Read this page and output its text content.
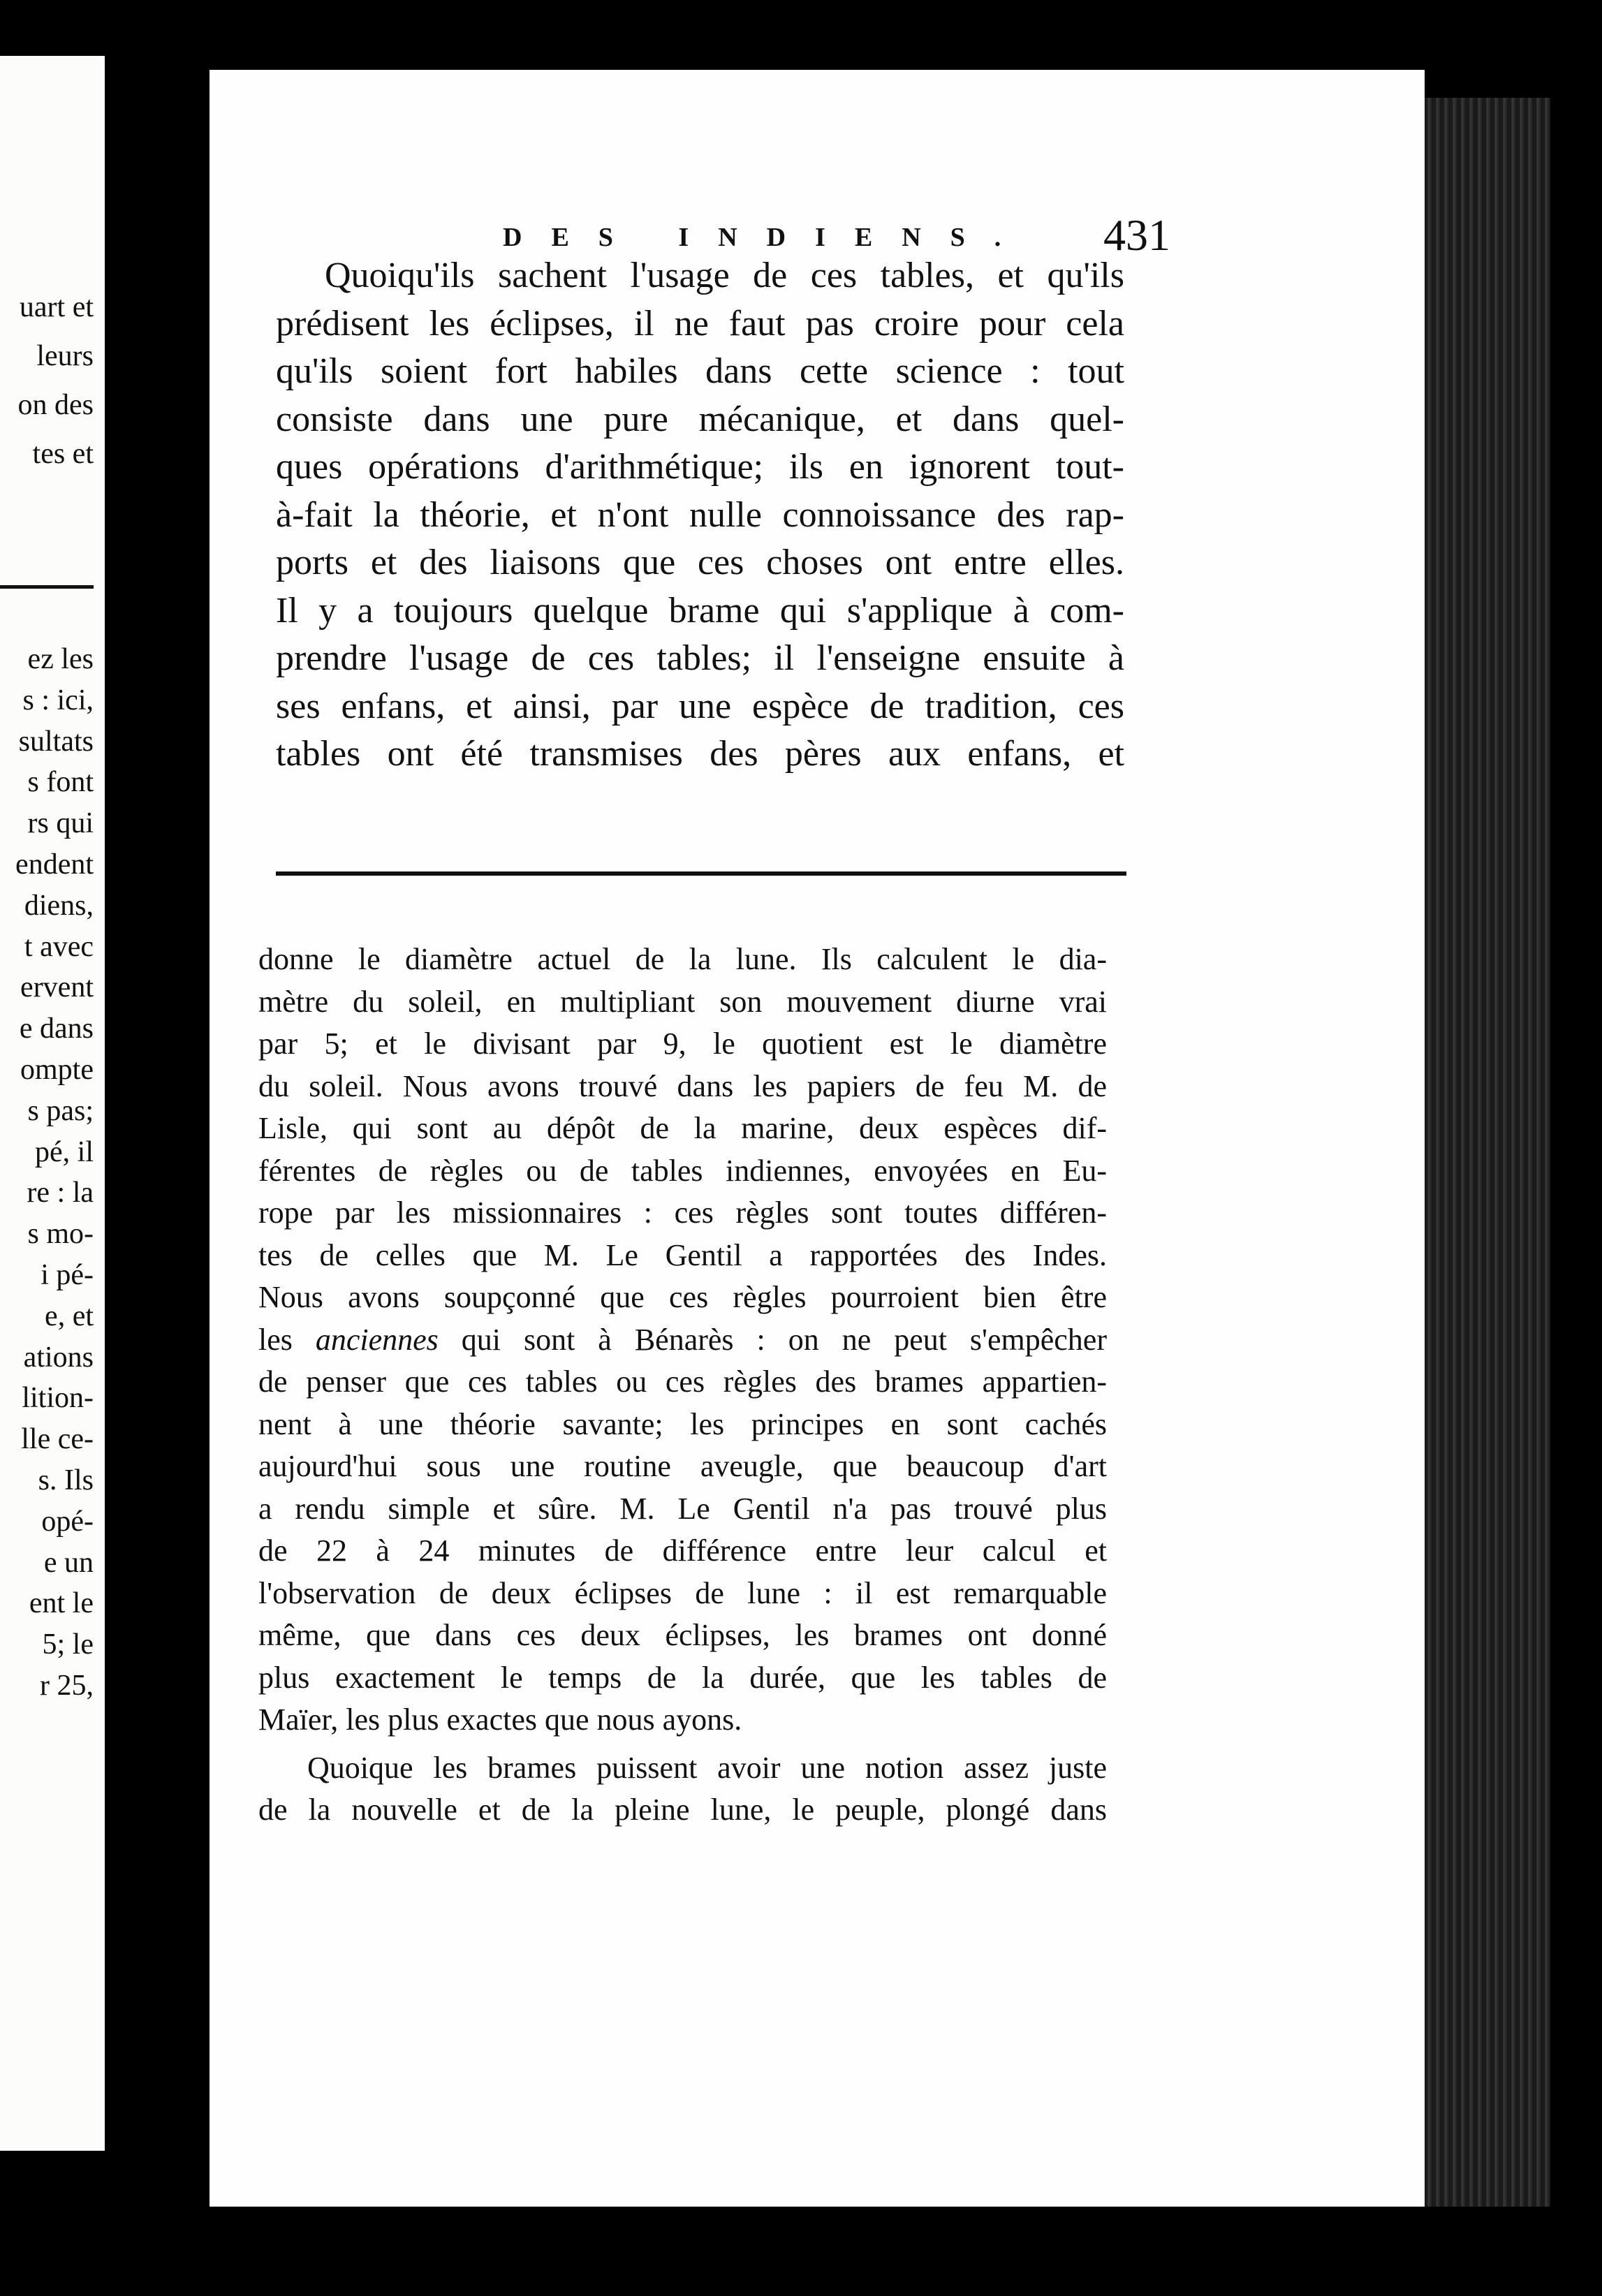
uart et
leurs
on des
tes et
ez les
s : ici,
sultats
s font
rs qui
endent
diens,
t avec
ervent
e dans
ompte
s pas;
pé, il
re : la
s mo-
i pé-
e, et
ations
lition-
lle ce-
s. Ils
opé-
e un
ent le
5; le
r 25,
DES INDIENS. 431
Quoiqu'ils sachent l'usage de ces tables, et qu'ils
prédisent les éclipses, il ne faut pas croire pour cela
qu'ils soient fort habiles dans cette science : tout
consiste dans une pure mécanique, et dans quel-
ques opérations d'arithmétique; ils en ignorent tout-
à-fait la théorie, et n'ont nulle connoissance des rap-
ports et des liaisons que ces choses ont entre elles.
Il y a toujours quelque brame qui s'applique à com-
prendre l'usage de ces tables; il l'enseigne ensuite à
ses enfans, et ainsi, par une espèce de tradition, ces
tables ont été transmises des pères aux enfans, et
donne le diamètre actuel de la lune. Ils calculent le dia-
mètre du soleil, en multipliant son mouvement diurne vrai
par 5; et le divisant par 9, le quotient est le diamètre
du soleil. Nous avons trouvé dans les papiers de feu M. de
Lisle, qui sont au dépôt de la marine, deux espèces dif-
férentes de règles ou de tables indiennes, envoyées en Eu-
rope par les missionnaires : ces règles sont toutes différen-
tes de celles que M. Le Gentil a rapportées des Indes.
Nous avons soupçonné que ces règles pourroient bien être
les anciennes qui sont à Bénarès : on ne peut s'empêcher
de penser que ces tables ou ces règles des brames appartien-
nent à une théorie savante; les principes en sont cachés
aujourd'hui sous une routine aveugle, que beaucoup d'art
a rendu simple et sûre. M. Le Gentil n'a pas trouvé plus
de 22 à 24 minutes de différence entre leur calcul et
l'observation de deux éclipses de lune : il est remarquable
même, que dans ces deux éclipses, les brames ont donné
plus exactement le temps de la durée, que les tables de
Maïer, les plus exactes que nous ayons.
Quoique les brames puissent avoir une notion assez juste
de la nouvelle et de la pleine lune, le peuple, plongé dans
